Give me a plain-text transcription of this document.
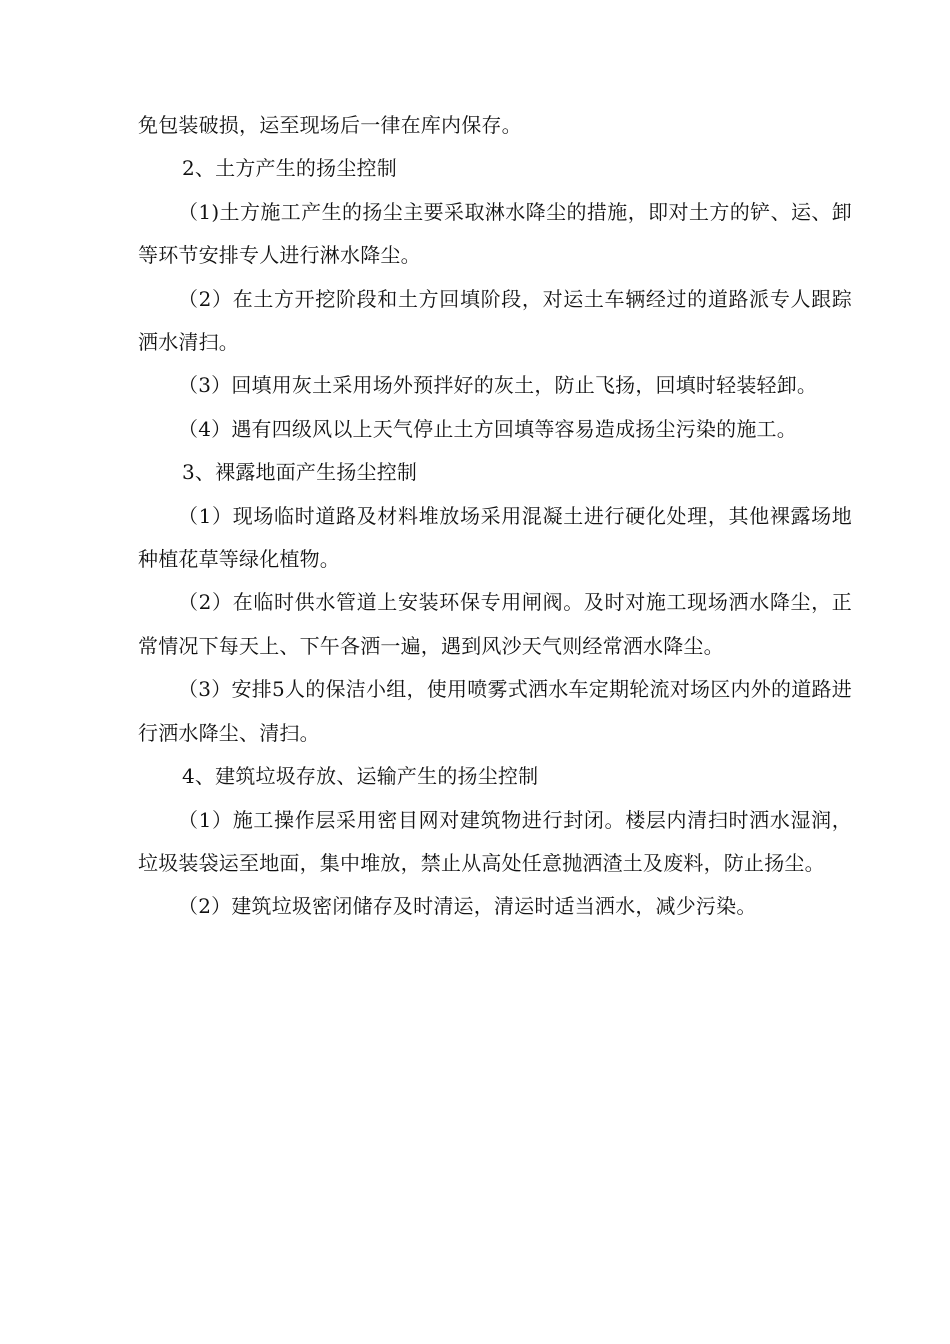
免包装破损，运至现场后一律在库内保存。

2、土方产生的扬尘控制

（1)土方施工产生的扬尘主要采取淋水降尘的措施，即对土方的铲、运、卸等环节安排专人进行淋水降尘。

（2）在土方开挖阶段和土方回填阶段，对运土车辆经过的道路派专人跟踪洒水清扫。

（3）回填用灰土采用场外预拌好的灰土，防止飞扬，回填时轻装轻卸。

（4）遇有四级风以上天气停止土方回填等容易造成扬尘污染的施工。

3、裸露地面产生扬尘控制

（1）现场临时道路及材料堆放场采用混凝土进行硬化处理，其他裸露场地种植花草等绿化植物。

（2）在临时供水管道上安装环保专用闸阀。及时对施工现场洒水降尘，正常情况下每天上、下午各洒一遍，遇到风沙天气则经常洒水降尘。

（3）安排5人的保洁小组，使用喷雾式洒水车定期轮流对场区内外的道路进行洒水降尘、清扫。

4、建筑垃圾存放、运输产生的扬尘控制

（1）施工操作层采用密目网对建筑物进行封闭。楼层内清扫时洒水湿润，垃圾装袋运至地面，集中堆放，禁止从高处任意抛洒渣土及废料，防止扬尘。

（2）建筑垃圾密闭储存及时清运，清运时适当洒水，减少污染。
